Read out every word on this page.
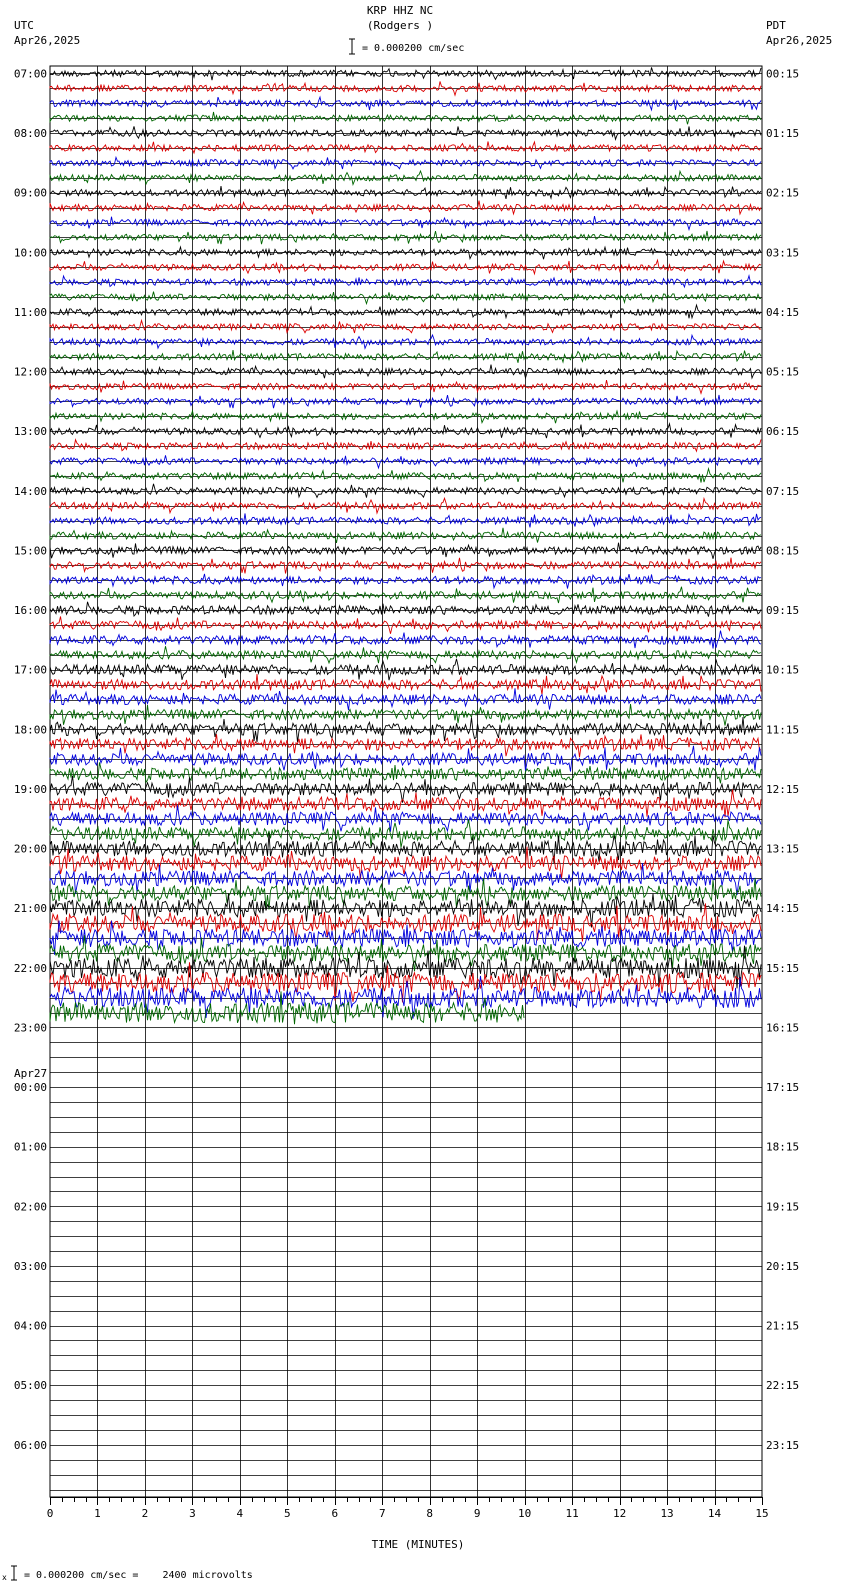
KRP HHZ NC
(Rodgers )
= 0.000200 cm/sec
UTC
Apr26,2025
PDT
Apr26,2025
07:00
08:00
09:00
10:00
11:00
12:00
13:00
14:00
15:00
16:00
17:00
18:00
19:00
20:00
21:00
22:00
23:00
00:00
01:00
02:00
03:00
04:00
05:00
06:00
00:15
01:15
02:15
03:15
04:15
05:15
06:15
07:15
08:15
09:15
10:15
11:15
12:15
13:15
14:15
15:15
16:15
17:15
18:15
19:15
20:15
21:15
22:15
23:15
Apr27
0	1	2	3	4	5	6	7	8	9	10	11	12	13	14	15
TIME (MINUTES)
x = 0.000200 cm/sec =    2400 microvolts
